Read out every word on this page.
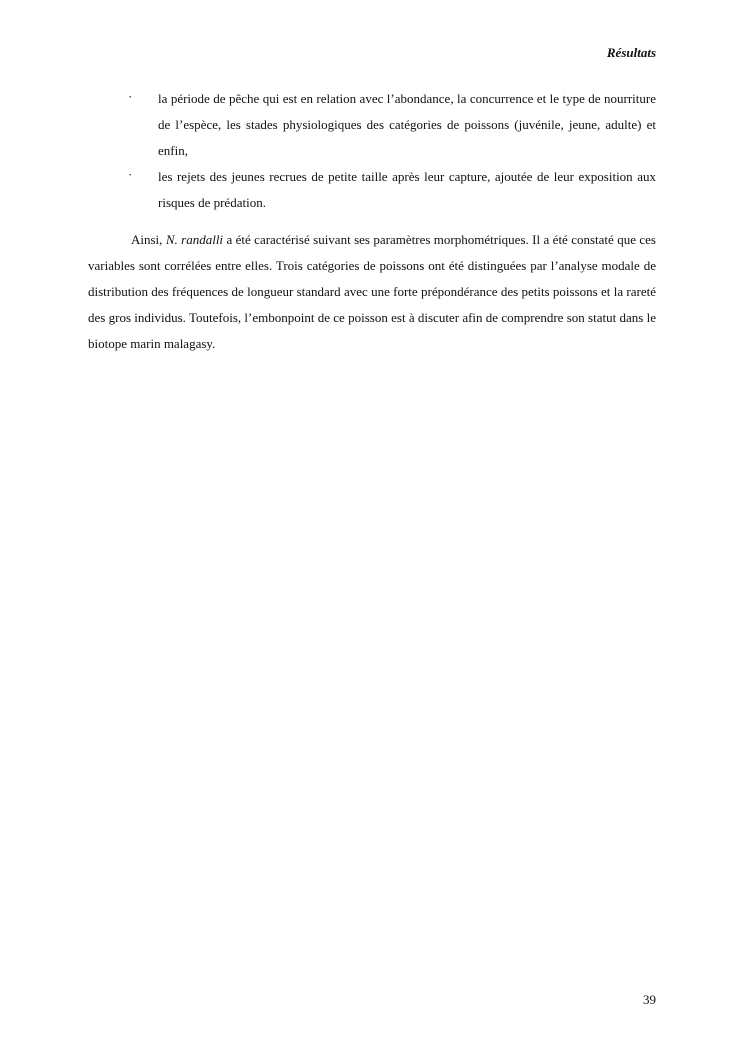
Résultats
· la période de pêche qui est en relation avec l’abondance, la concurrence et le type de nourriture de l’espèce, les stades physiologiques des catégories de poissons (juvénile, jeune, adulte) et enfin,
· les rejets des jeunes recrues de petite taille après leur capture, ajoutée de leur exposition aux risques de prédation.

Ainsi, N. randalli a été caractérisé suivant ses paramètres morphométriques. Il a été constaté que ces variables sont corrélées entre elles. Trois catégories de poissons ont été distinguées par l’analyse modale de distribution des fréquences de longueur standard avec une forte prépondérance des petits poissons et la rareté des gros individus. Toutefois, l’embonpoint de ce poisson est à discuter afin de comprendre son statut dans le biotope marin malagasy.

39
